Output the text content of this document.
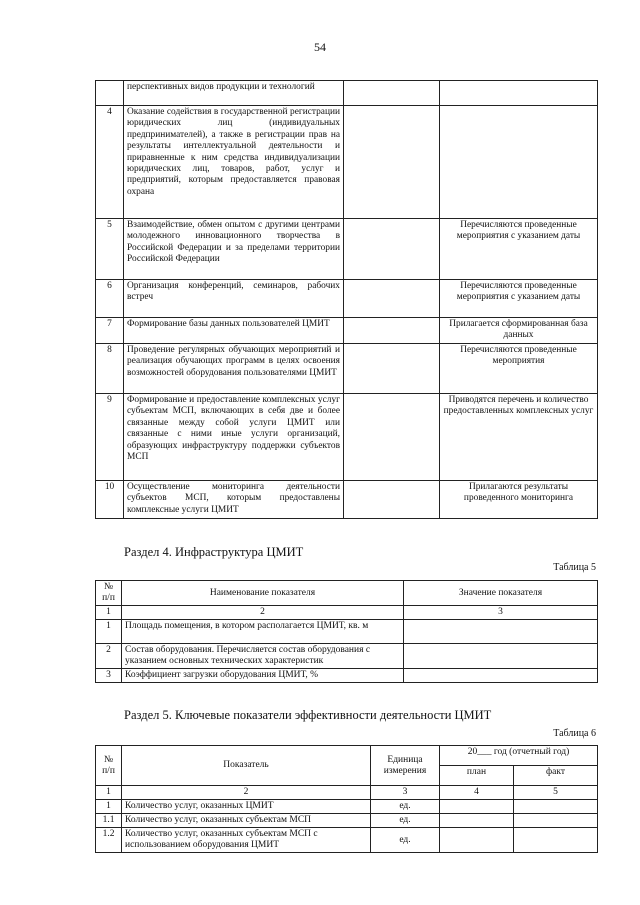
54
	перспективных видов продукции и технологий		
4	Оказание содействия в государственной регистрации юридических лиц (индивидуальных предпринимателей), а также в регистрации прав на результаты интеллектуальной деятельности и приравненные к ним средства индивидуализации юридических лиц, товаров, работ, услуг и предприятий, которым предоставляется правовая охрана		
5	Взаимодействие, обмен опытом с другими центрами молодежного инновационного творчества в Российской Федерации и за пределами территории Российской Федерации		Перечисляются проведенные мероприятия с указанием даты
6	Организация конференций, семинаров, рабочих встреч		Перечисляются проведенные мероприятия с указанием даты
7	Формирование базы данных пользователей ЦМИТ		Прилагается сформированная база данных
8	Проведение регулярных обучающих мероприятий и реализация обучающих программ в целях освоения возможностей оборудования пользователями ЦМИТ		Перечисляются проведенные мероприятия
9	Формирование и предоставление комплексных услуг субъектам МСП, включающих в себя две и более связанные между собой услуги ЦМИТ или связанные с ними иные услуги организаций, образующих инфраструктуру поддержки субъектов МСП		Приводятся перечень и количество предоставленных комплексных услуг
10	Осуществление мониторинга деятельности субъектов МСП, которым предоставлены комплексные услуги ЦМИТ		Прилагаются результаты проведенного мониторинга
Раздел 4. Инфраструктура ЦМИТ
Таблица 5
№ п/п	Наименование показателя	Значение показателя
1	2	3
1	Площадь помещения, в котором располагается ЦМИТ, кв. м	
2	Состав оборудования. Перечисляется состав оборудования с указанием основных технических характеристик	
3	Коэффициент загрузки оборудования ЦМИТ, %	
Раздел 5. Ключевые показатели эффективности деятельности ЦМИТ
Таблица 6
№ п/п	Показатель	Единица измерения	20___ год (отчетный год)	
			план	факт
1	2	3	4	5
1	Количество услуг, оказанных ЦМИТ	ед.		
1.1	Количество услуг, оказанных субъектам МСП	ед.		
1.2	Количество услуг, оказанных субъектам МСП с использованием оборудования ЦМИТ	ед.		
